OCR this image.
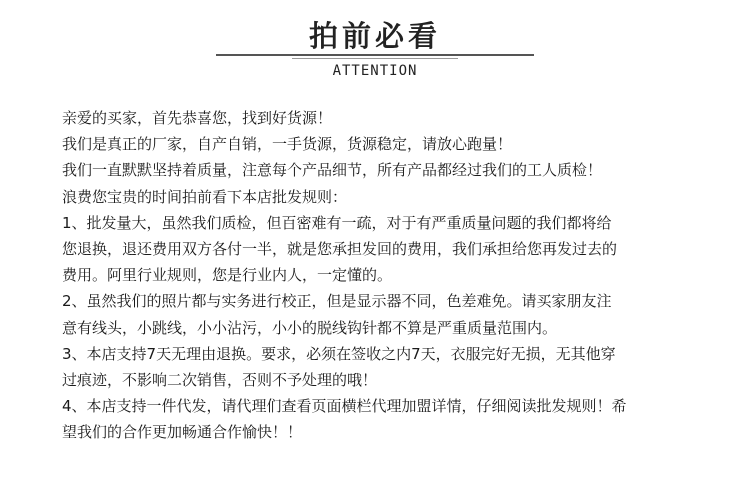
拍前必看
ATTENTION
亲爱的买家，首先恭喜您，找到好货源！
我们是真正的厂家，自产自销，一手货源，货源稳定，请放心跑量！
我们一直默默坚持着质量，注意每个产品细节，所有产品都经过我们的工人质检！
浪费您宝贵的时间拍前看下本店批发规则：
1、批发量大，虽然我们质检，但百密难有一疏，对于有严重质量问题的我们都将给
您退换，退还费用双方各付一半，就是您承担发回的费用，我们承担给您再发过去的
费用。阿里行业规则，您是行业内人，一定懂的。
2、虽然我们的照片都与实务进行校正，但是显示器不同，色差难免。请买家朋友注
意有线头，小跳线，小小沾污，小小的脱线钩针都不算是严重质量范围内。
3、本店支持7天无理由退换。要求，必须在签收之内7天，衣服完好无损，无其他穿
过痕迹，不影响二次销售，否则不予处理的哦！
4、本店支持一件代发，请代理们查看页面横栏代理加盟详情，仔细阅读批发规则！希
望我们的合作更加畅通合作愉快！！
